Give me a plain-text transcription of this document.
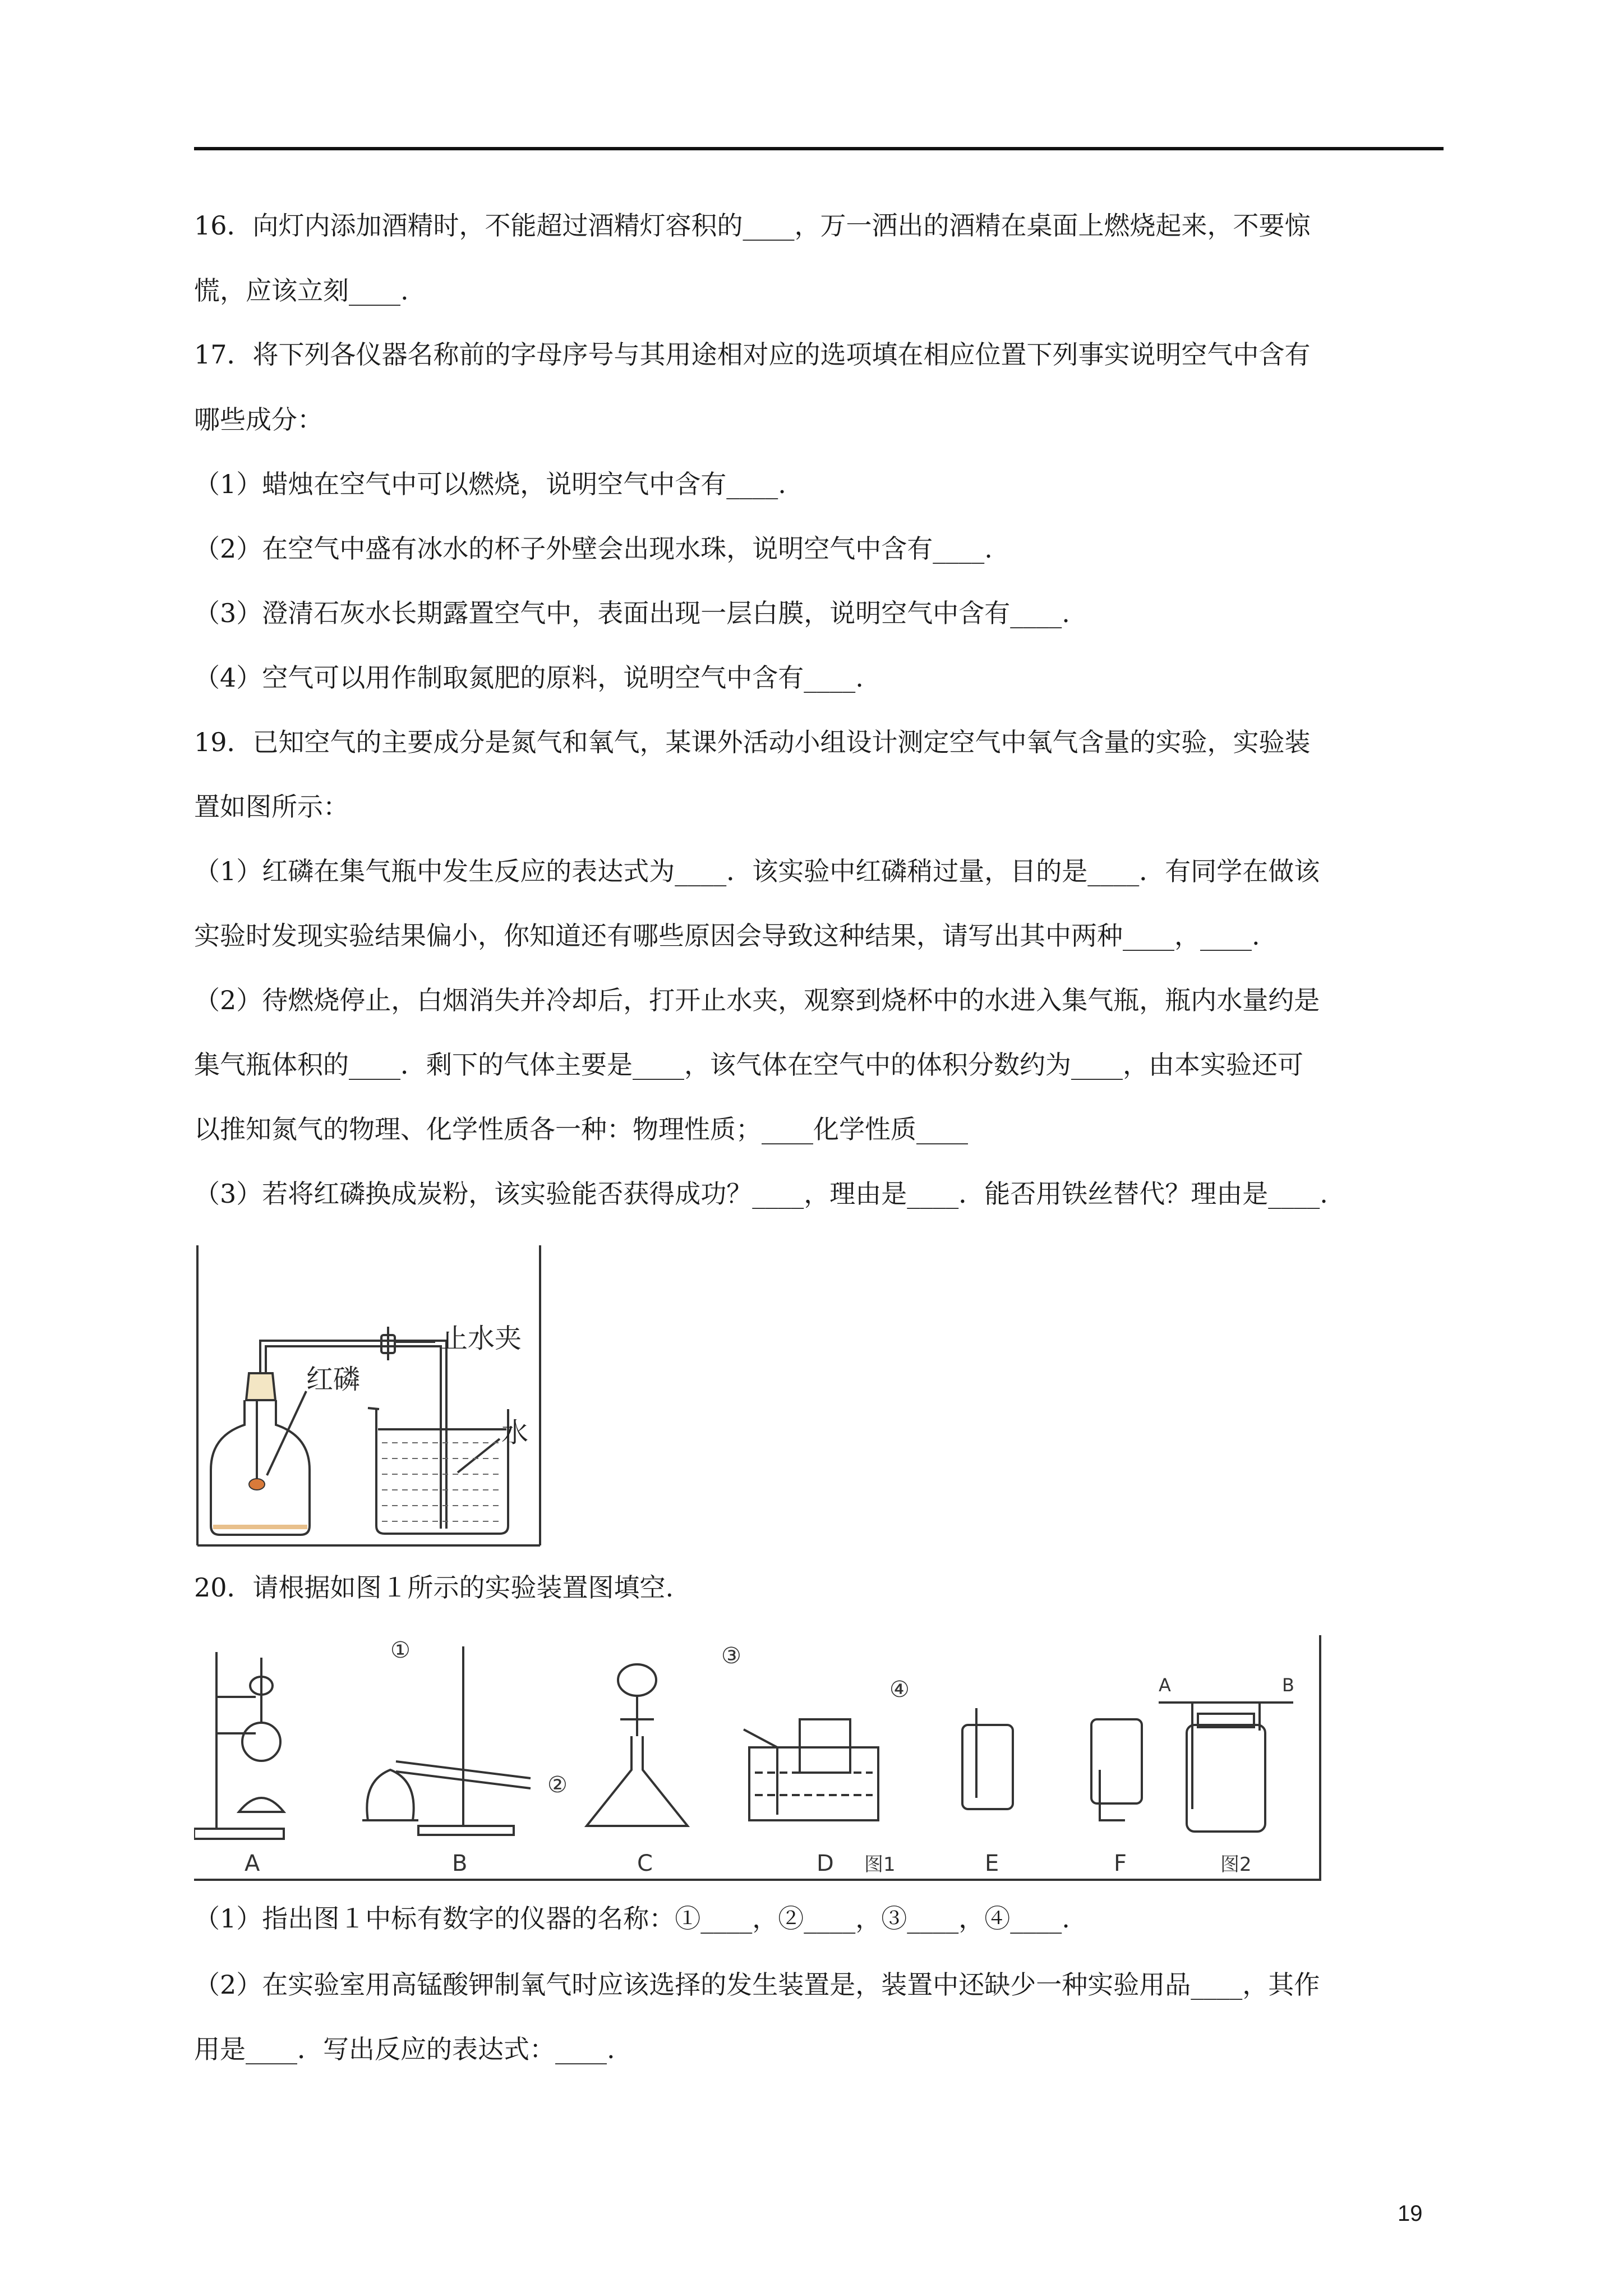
16．向灯内添加酒精时，不能超过酒精灯容积的____，万一洒出的酒精在桌面上燃烧起来，不要惊
慌，应该立刻____.
17．将下列各仪器名称前的字母序号与其用途相对应的选项填在相应位置下列事实说明空气中含有
哪些成分：
（1）蜡烛在空气中可以燃烧，说明空气中含有____.
（2）在空气中盛有冰水的杯子外壁会出现水珠，说明空气中含有____.
（3）澄清石灰水长期露置空气中，表面出现一层白膜，说明空气中含有____.
（4）空气可以用作制取氮肥的原料，说明空气中含有____.
19．已知空气的主要成分是氮气和氧气，某课外活动小组设计测定空气中氧气含量的实验，实验装
置如图所示：
（1）红磷在集气瓶中发生反应的表达式为____．该实验中红磷稍过量，目的是____．有同学在做该
实验时发现实验结果偏小，你知道还有哪些原因会导致这种结果，请写出其中两种____，____.
（2）待燃烧停止，白烟消失并冷却后，打开止水夹，观察到烧杯中的水进入集气瓶，瓶内水量约是
集气瓶体积的____．剩下的气体主要是____，该气体在空气中的体积分数约为____，由本实验还可
以推知氮气的物理、化学性质各一种：物理性质；____化学性质____
（3）若将红磷换成炭粉，该实验能否获得成功？____，理由是____．能否用铁丝替代？理由是____.
止水夹
红磷
水
20．请根据如图１所示的实验装置图填空.
A	B	C	D 图1	E	F	图2
①
②
③
④	A	B
（1）指出图１中标有数字的仪器的名称：①____，②____，③____，④____.
（2）在实验室用高锰酸钾制氧气时应该选择的发生装置是，装置中还缺少一种实验用品____，其作
用是____．写出反应的表达式：____.
19
